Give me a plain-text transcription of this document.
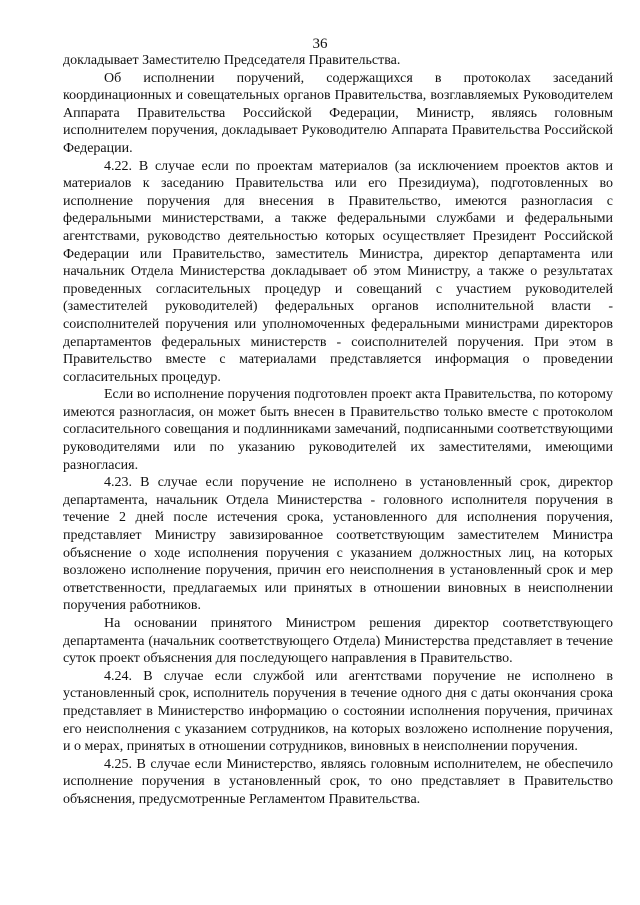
36

докладывает Заместителю Председателя Правительства.

Об исполнении поручений, содержащихся в протоколах заседаний координационных и совещательных органов Правительства, возглавляемых Руководителем Аппарата Правительства Российской Федерации, Министр, являясь головным исполнителем поручения, докладывает Руководителю Аппарата Правительства Российской Федерации.

4.22. В случае если по проектам материалов (за исключением проектов актов и материалов к заседанию Правительства или его Президиума), подготовленных во исполнение поручения для внесения в Правительство, имеются разногласия с федеральными министерствами, а также федеральными службами и федеральными агентствами, руководство деятельностью которых осуществляет Президент Российской Федерации или Правительство, заместитель Министра, директор департамента или начальник Отдела Министерства докладывает об этом Министру, а также о результатах проведенных согласительных процедур и совещаний с участием руководителей (заместителей руководителей) федеральных органов исполнительной власти - соисполнителей поручения или уполномоченных федеральными министрами директоров департаментов федеральных министерств - соисполнителей поручения. При этом в Правительство вместе с материалами представляется информация о проведении согласительных процедур.

Если во исполнение поручения подготовлен проект акта Правительства, по которому имеются разногласия, он может быть внесен в Правительство только вместе с протоколом согласительного совещания и подлинниками замечаний, подписанными соответствующими руководителями или по указанию руководителей их заместителями, имеющими разногласия.

4.23. В случае если поручение не исполнено в установленный срок, директор департамента, начальник Отдела Министерства - головного исполнителя поручения в течение 2 дней после истечения срока, установленного для исполнения поручения, представляет Министру завизированное соответствующим заместителем Министра объяснение о ходе исполнения поручения с указанием должностных лиц, на которых возложено исполнение поручения, причин его неисполнения в установленный срок и мер ответственности, предлагаемых или принятых в отношении виновных в неисполнении поручения работников.

На основании принятого Министром решения директор соответствующего департамента (начальник соответствующего Отдела) Министерства представляет в течение суток проект объяснения для последующего направления в Правительство.

4.24. В случае если службой или агентствами поручение не исполнено в установленный срок, исполнитель поручения в течение одного дня с даты окончания срока представляет в Министерство информацию о состоянии исполнения поручения, причинах его неисполнения с указанием сотрудников, на которых возложено исполнение поручения, и о мерах, принятых в отношении сотрудников, виновных в неисполнении поручения.

4.25. В случае если Министерство, являясь головным исполнителем, не обеспечило исполнение поручения в установленный срок, то оно представляет в Правительство объяснения, предусмотренные Регламентом Правительства.
